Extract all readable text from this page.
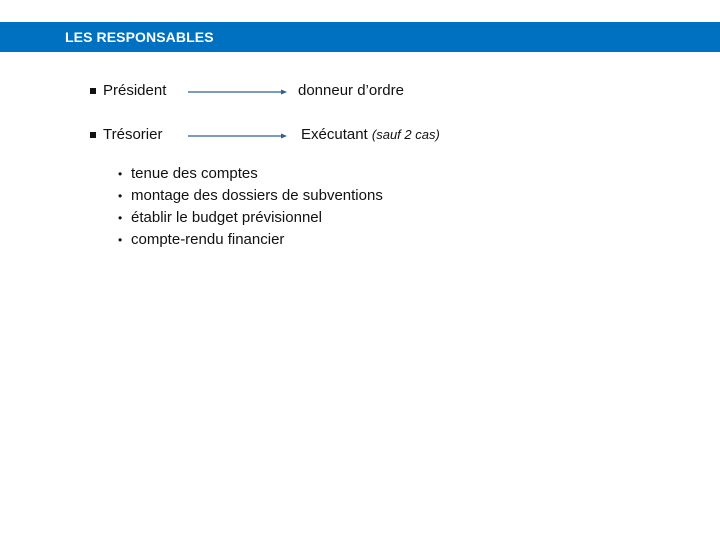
LES RESPONSABLES
Président	donneur d’ordre
Trésorier	Exécutant (sauf 2 cas)
• tenue des comptes
• montage des dossiers de subventions
• établir le budget prévisionnel
• compte-rendu financier
